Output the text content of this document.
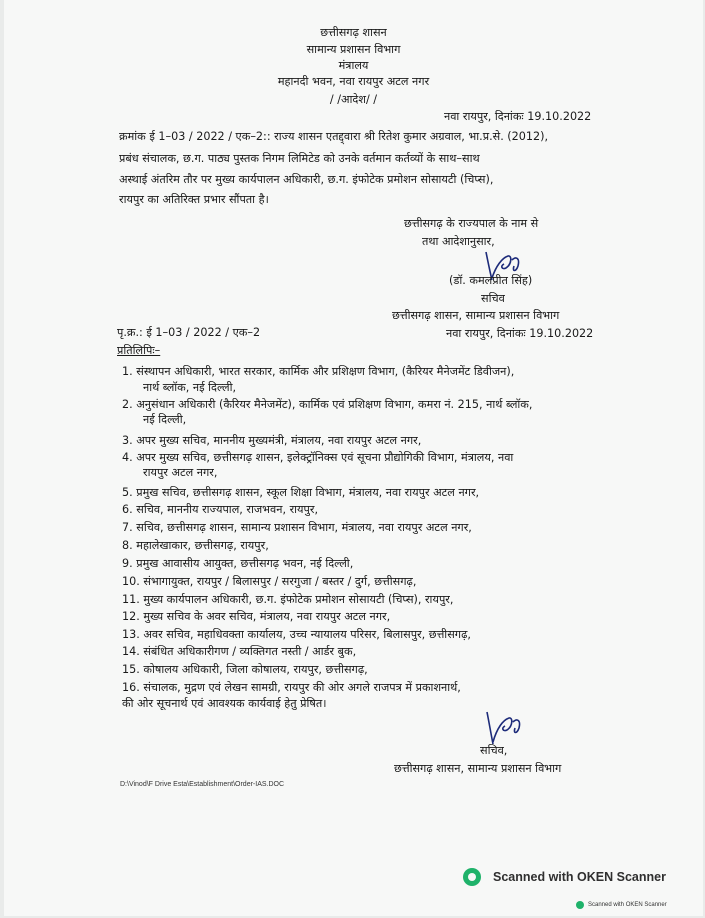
छत्तीसगढ़ शासन
सामान्य प्रशासन विभाग
मंत्रालय
महानदी भवन, नवा रायपुर अटल नगर
/ /आदेश/ /
नवा रायपुर, दिनांकः 19.10.2022
क्रमांक ई 1–03 / 2022 / एक–2:: राज्य शासन एतद्द्वारा श्री रितेश कुमार अग्रवाल, भा.प्र.से. (2012),
प्रबंध संचालक, छ.ग. पाठ्य पुस्तक निगम लिमिटेड को उनके वर्तमान कर्तव्यों के साथ–साथ
अस्थाई अंतरिम तौर पर मुख्य कार्यपालन अधिकारी, छ.ग. इंफोटेक प्रमोशन सोसायटी (चिप्स),
रायपुर का अतिरिक्त प्रभार सौंपता है।
छत्तीसगढ़ के राज्यपाल के नाम से
तथा आदेशानुसार,
(डॉ. कमलप्रीत सिंह)
सचिव
छत्तीसगढ़ शासन, सामान्य प्रशासन विभाग
पृ.क्र.: ई 1–03 / 2022 / एक–2	नवा रायपुर, दिनांकः 19.10.2022
प्रतिलिपिः–
1. संस्थापन अधिकारी, भारत सरकार, कार्मिक और प्रशिक्षण विभाग, (कैरियर मैनेजमेंट डिवीजन),
नार्थ ब्लॉक, नई दिल्ली,
2. अनुसंधान अधिकारी (कैरियर मैनेजमेंट), कार्मिक एवं प्रशिक्षण विभाग, कमरा नं. 215, नार्थ ब्लॉक,
नई दिल्ली,
3. अपर मुख्य सचिव, माननीय मुख्यमंत्री, मंत्रालय, नवा रायपुर अटल नगर,
4. अपर मुख्य सचिव, छत्तीसगढ़ शासन, इलेक्ट्रॉनिक्स एवं सूचना प्रौद्योगिकी विभाग, मंत्रालय, नवा
रायपुर अटल नगर,
5. प्रमुख सचिव, छत्तीसगढ़ शासन, स्कूल शिक्षा विभाग, मंत्रालय, नवा रायपुर अटल नगर,
6. सचिव, माननीय राज्यपाल, राजभवन, रायपुर,
7. सचिव, छत्तीसगढ़ शासन, सामान्य प्रशासन विभाग, मंत्रालय, नवा रायपुर अटल नगर,
8. महालेखाकार, छत्तीसगढ़, रायपुर,
9. प्रमुख आवासीय आयुक्त, छत्तीसगढ़ भवन, नई दिल्ली,
10. संभागायुक्त, रायपुर / बिलासपुर / सरगुजा / बस्तर / दुर्ग, छत्तीसगढ़,
11. मुख्य कार्यपालन अधिकारी, छ.ग. इंफोटेक प्रमोशन सोसायटी (चिप्स), रायपुर,
12. मुख्य सचिव के अवर सचिव, मंत्रालय, नवा रायपुर अटल नगर,
13. अवर सचिव, महाधिवक्ता कार्यालय, उच्च न्यायालय परिसर, बिलासपुर, छत्तीसगढ़,
14. संबंधित अधिकारीगण / व्यक्तिगत नस्ती / आर्डर बुक,
15. कोषालय अधिकारी, जिला कोषालय, रायपुर, छत्तीसगढ़,
16. संचालक, मुद्रण एवं लेखन सामग्री, रायपुर की ओर अगले राजपत्र में प्रकाशनार्थ,
की ओर सूचनार्थ एवं आवश्यक कार्यवाई हेतु प्रेषित।
सचिव,
छत्तीसगढ़ शासन, सामान्य प्रशासन विभाग
D:\Vinod\F Drive Esta\Establishment\Order-IAS.DOC
Scanned with OKEN Scanner
Scanned with OKEN Scanner
